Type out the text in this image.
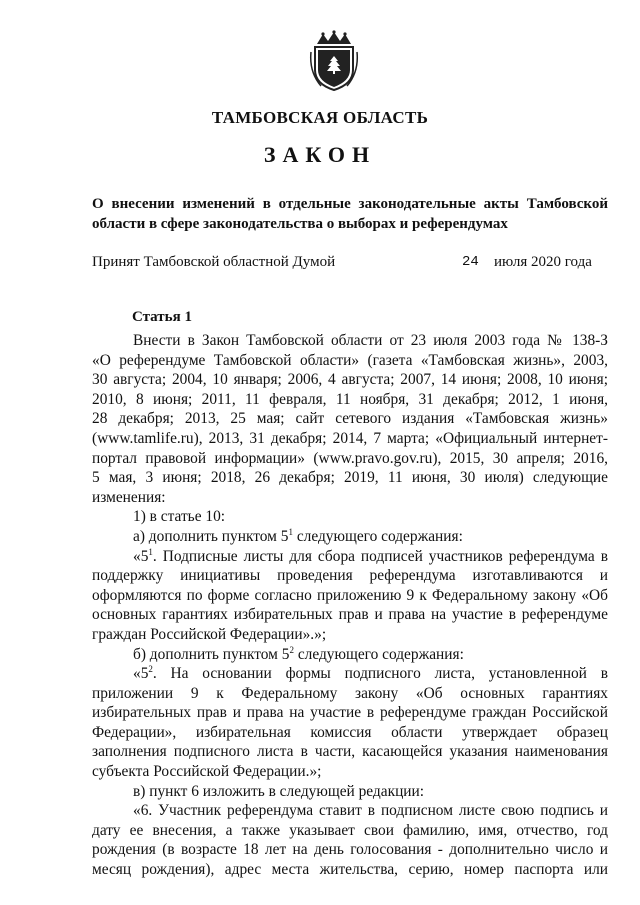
ТАМБОВСКАЯ ОБЛАСТЬ
ЗАКОН
О внесении изменений в отдельные законодательные акты Тамбовской
области в сфере законодательства о выборах и референдумах
Принят Тамбовской областной Думой	24 июля 2020 года
Статья 1

Внести в Закон Тамбовской области от 23 июля 2003 года № 138-З

«О референдуме Тамбовской области» (газета «Тамбовская жизнь», 2003,

30 августа; 2004, 10 января; 2006, 4 августа; 2007, 14 июня; 2008, 10 июня;

2010, 8 июня; 2011, 11 февраля, 11 ноября, 31 декабря; 2012, 1 июня,

28 декабря; 2013, 25 мая; сайт сетевого издания «Тамбовская жизнь»

(www.tamlife.ru), 2013, 31 декабря; 2014, 7 марта; «Официальный интернет-

портал правовой информации» (www.pravo.gov.ru), 2015, 30 апреля; 2016,

5 мая, 3 июня; 2018, 26 декабря; 2019, 11 июня, 30 июля) следующие

изменения:

1) в статье 10:

а) дополнить пунктом $5^1$ следующего содержания:

«$5^1$. Подписные листы для сбора подписей участников референдума в

поддержку инициативы проведения референдума изготавливаются и

оформляются по форме согласно приложению 9 к Федеральному закону «Об

основных гарантиях избирательных прав и права на участие в референдуме

граждан Российской Федерации».»;

б) дополнить пунктом $5^2$ следующего содержания:

«$5^2$. На основании формы подписного листа, установленной в

приложении 9 к Федеральному закону «Об основных гарантиях

избирательных прав и права на участие в референдуме граждан Российской

Федерации», избирательная комиссия области утверждает образец

заполнения подписного листа в части, касающейся указания наименования

субъекта Российской Федерации.»;

в) пункт 6 изложить в следующей редакции:

«6. Участник референдума ставит в подписном листе свою подпись и

дату ее внесения, а также указывает свои фамилию, имя, отчество, год

рождения (в возрасте 18 лет на день голосования - дополнительно число и

месяц рождения), адрес места жительства, серию, номер паспорта или
